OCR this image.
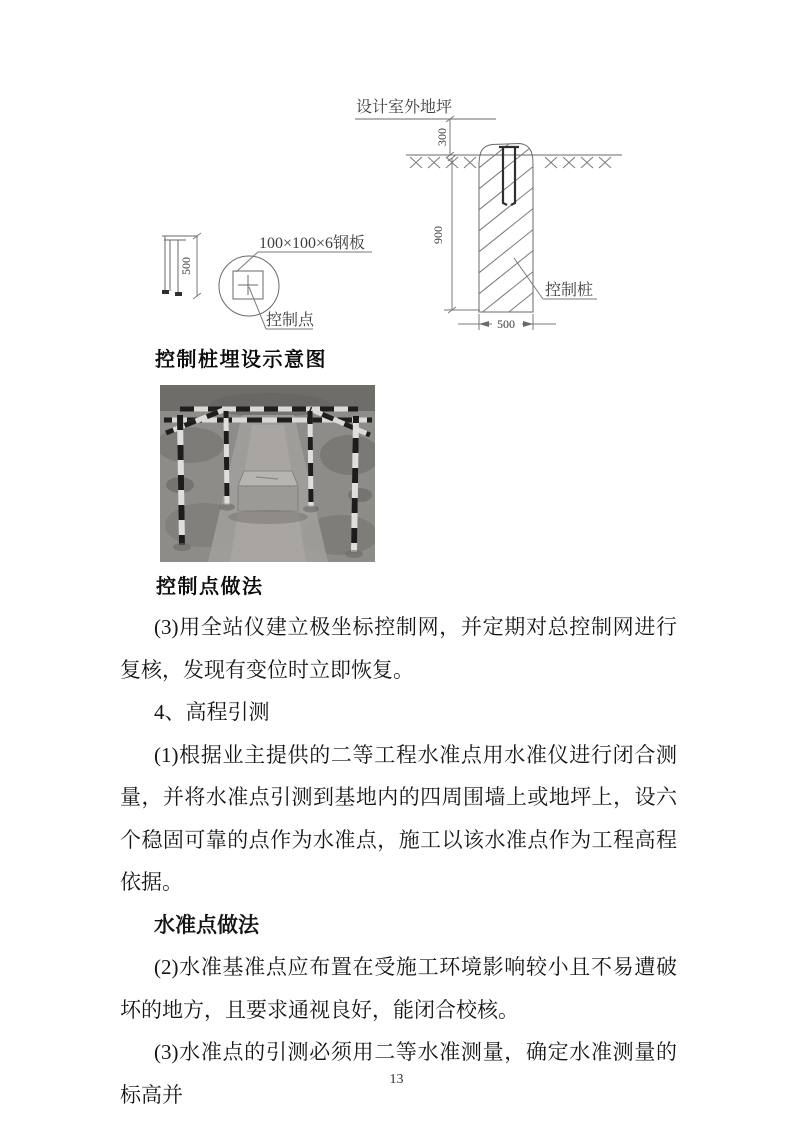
设计室外地坪
300
900
500
控制桩
500
100×100×6钢板
控制点
控制桩埋设示意图
控制点做法

(3)用全站仪建立极坐标控制网，并定期对总控制网进行复核，发现有变位时立即恢复。

4、高程引测

(1)根据业主提供的二等工程水准点用水准仪进行闭合测量，并将水准点引测到基地内的四周围墙上或地坪上，设六个稳固可靠的点作为水准点，施工以该水准点作为工程高程依据。

水准点做法

(2)水准基准点应布置在受施工环境影响较小且不易遭破坏的地方，且要求通视良好，能闭合校核。

(3)水准点的引测必须用二等水准测量，确定水准测量的标高并

13
